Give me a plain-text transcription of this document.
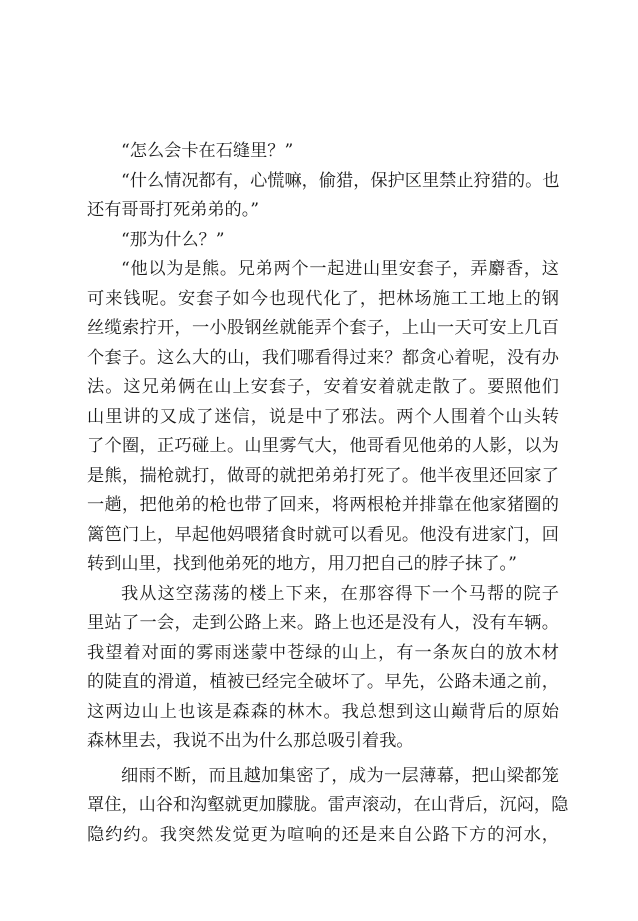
“怎么会卡在石缝里？”
“什么情况都有，心慌嘛，偷猎，保护区里禁止狩猎的。也
还有哥哥打死弟弟的。”
“那为什么？”
“他以为是熊。兄弟两个一起进山里安套子，弄麝香，这
可来钱呢。安套子如今也现代化了，把林场施工工地上的钢
丝缆索拧开，一小股钢丝就能弄个套子，上山一天可安上几百
个套子。这么大的山，我们哪看得过来？都贪心着呢，没有办
法。这兄弟俩在山上安套子，安着安着就走散了。要照他们
山里讲的又成了迷信，说是中了邪法。两个人围着个山头转
了个圈，正巧碰上。山里雾气大，他哥看见他弟的人影，以为
是熊，揣枪就打，做哥的就把弟弟打死了。他半夜里还回家了
一趟，把他弟的枪也带了回来，将两根枪并排靠在他家猪圈的
篱笆门上，早起他妈喂猪食时就可以看见。他没有进家门，回
转到山里，找到他弟死的地方，用刀把自己的脖子抹了。”
我从这空荡荡的楼上下来，在那容得下一个马帮的院子
里站了一会，走到公路上来。路上也还是没有人，没有车辆。
我望着对面的雾雨迷蒙中苍绿的山上，有一条灰白的放木材
的陡直的滑道，植被已经完全破坏了。早先，公路未通之前，
这两边山上也该是森森的林木。我总想到这山巅背后的原始
森林里去，我说不出为什么那总吸引着我。
细雨不断，而且越加集密了，成为一层薄幕，把山梁都笼
罩住，山谷和沟壑就更加朦胧。雷声滚动，在山背后，沉闷，隐
隐约约。我突然发觉更为喧响的还是来自公路下方的河水，
